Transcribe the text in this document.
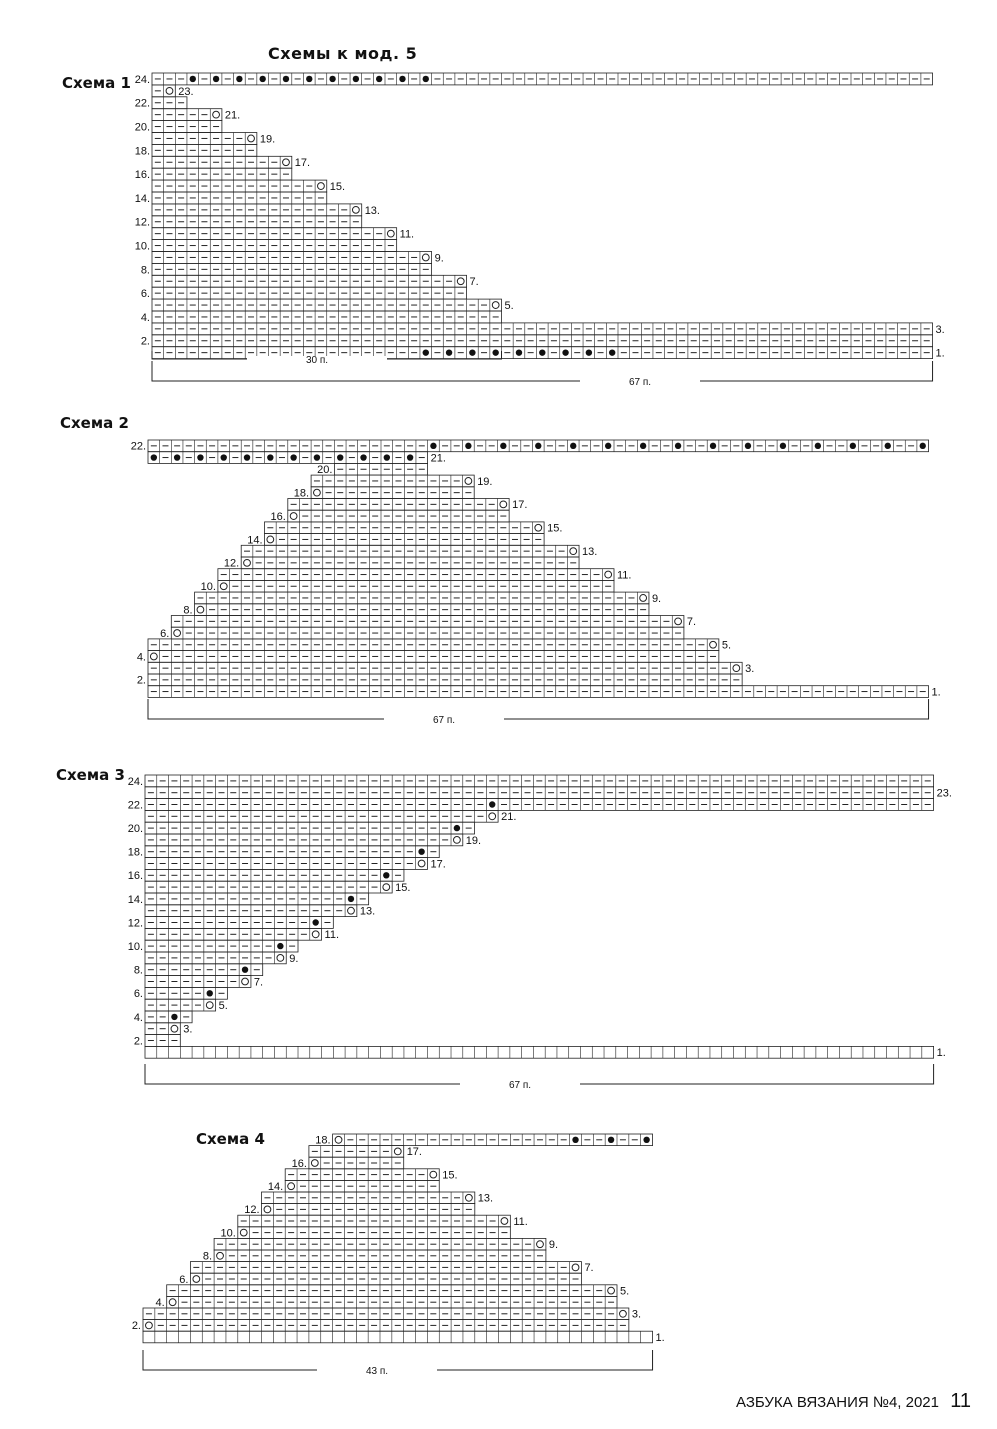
Схемы к мод. 5
Схема 1
Схема 2
Схема 3
Схема 4
24.
23.
22.
21.
20.
19.
18.
17.
16.
15.
14.
13.
12.
11.
10.
9.
8.
7.
6.
5.
4.
3.
2.
1.
67 п.
30 п.
22.
21.
20.
19.
18.
17.
16.
15.
14.
13.
12.
11.
10.
9.
8.
7.
6.
5.
4.
3.
2.
1.
67 п.
24.
23.
22.
21.
20.
19.
18.
17.
16.
15.
14.
13.
12.
11.
10.
9.
8.
7.
6.
5.
4.
3.
2.
1.
67 п.
18.
17.
16.
15.
14.
13.
12.
11.
10.
9.
8.
7.
6.
5.
4.
3.
2.
1.
43 п.
АЗБУКА ВЯЗАНИЯ №4, 2021 11
